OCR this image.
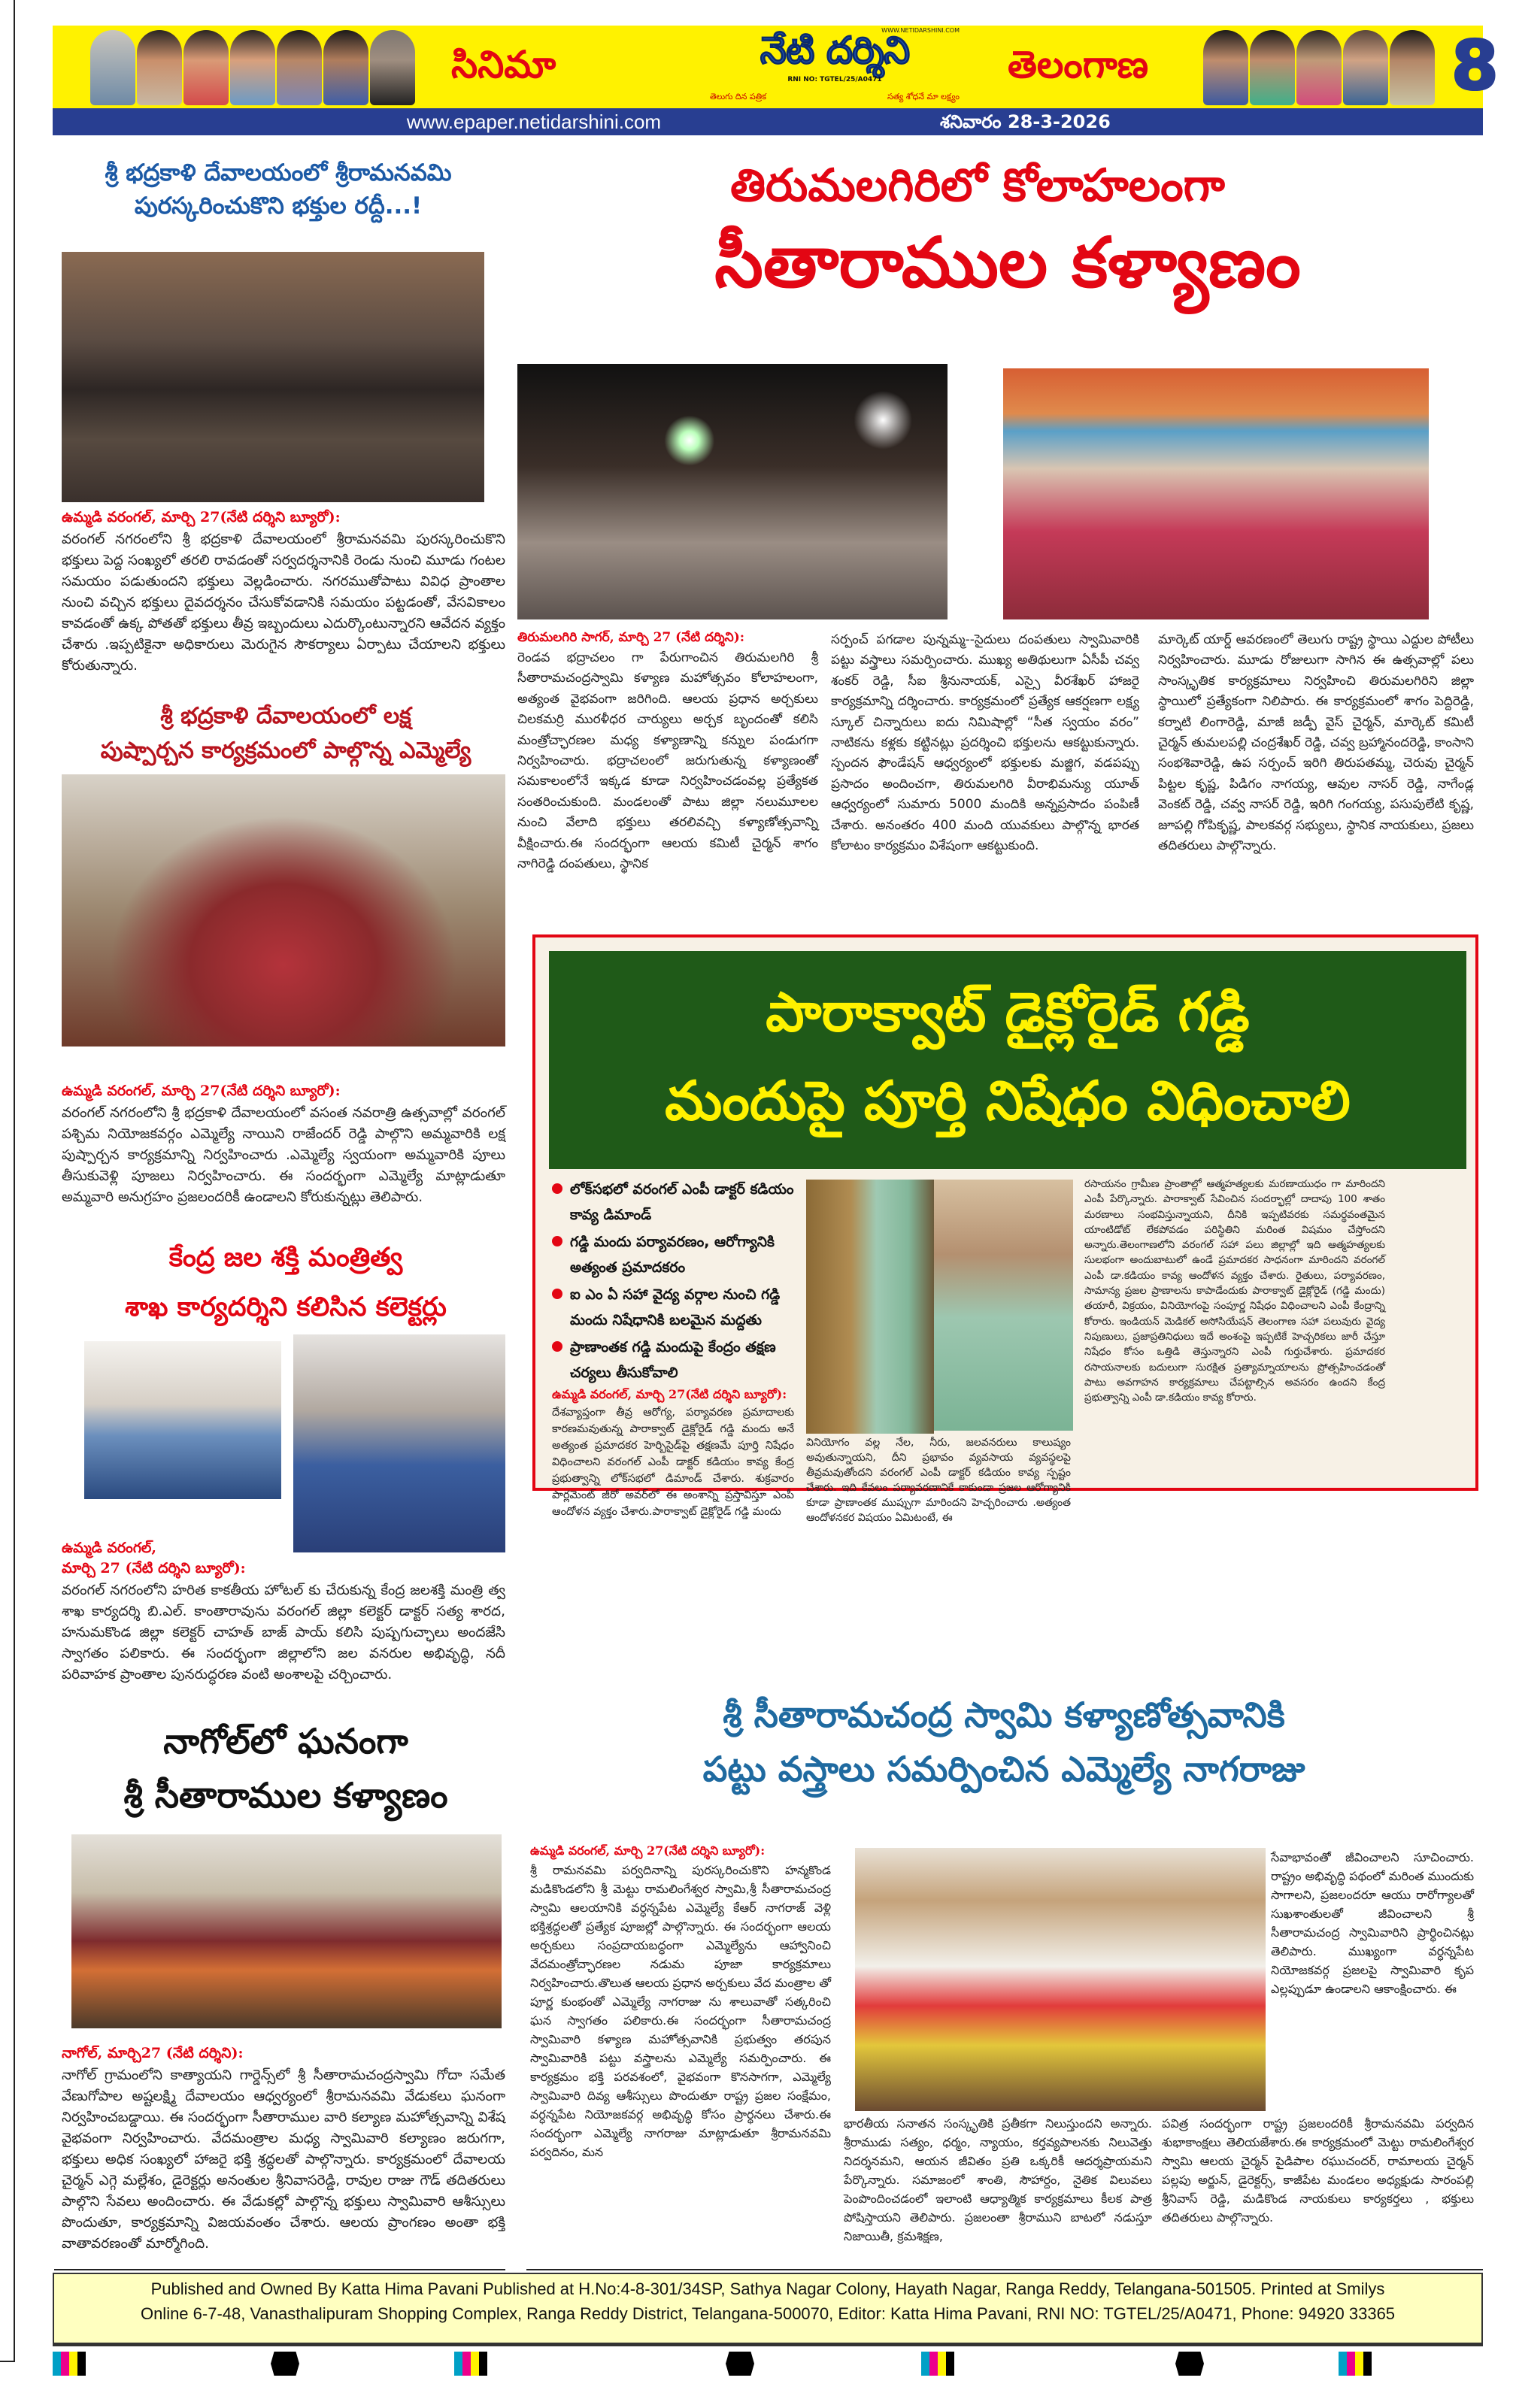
సినిమా	నేటి దర్శిని
WWW.NETIDARSHINI.COM
RNI NO: TGTEL/25/A0471
తెలుగు దిన పత్రిక	సత్య శోధనే మా లక్ష్యం
తెలంగాణ	8
www.epaper.netidarshini.com	శనివారం 28-3-2026
శ్రీ భద్రకాళి దేవాలయంలో శ్రీరామనవమి
పురస్కరించుకొని భక్తుల రద్దీ...!
ఉమ్మడి వరంగల్, మార్చి 27(నేటి దర్శిని బ్యూరో):
వరంగల్ నగరంలోని శ్రీ భద్రకాళి దేవాలయంలో శ్రీరామనవమి పురస్కరించుకొని భక్తులు పెద్ద సంఖ్యలో తరలి రావడంతో సర్వదర్శనానికి రెండు నుంచి మూడు గంటల సమయం పడుతుందని భక్తులు వెల్లడించారు. నగరముతోపాటు వివిధ ప్రాంతాల నుంచి వచ్చిన భక్తులు దైవదర్శనం చేసుకోవడానికి సమయం పట్టడంతో, వేసవికాలం కావడంతో ఉక్క పోతతో భక్తులు తీవ్ర ఇబ్బందులు ఎదుర్కొంటున్నారని ఆవేదన వ్యక్తం చేశారు .ఇప్పటికైనా అధికారులు మెరుగైన సౌకర్యాలు ఏర్పాటు చేయాలని భక్తులు కోరుతున్నారు.
శ్రీ భద్రకాళి దేవాలయంలో లక్ష
పుష్పార్చన కార్యక్రమంలో పాల్గొన్న ఎమ్మెల్యే
ఉమ్మడి వరంగల్, మార్చి 27(నేటి దర్శిని బ్యూరో):
వరంగల్ నగరంలోని శ్రీ భద్రకాళి దేవాలయంలో వసంత నవరాత్రి ఉత్సవాల్లో వరంగల్ పశ్చిమ నియోజకవర్గం ఎమ్మెల్యే నాయిని రాజేందర్ రెడ్డి పాల్గొని అమ్మవారికి లక్ష పుష్పార్చన కార్యక్రమాన్ని నిర్వహించారు .ఎమ్మెల్యే స్వయంగా అమ్మవారికి పూలు తీసుకువెళ్లి పూజలు నిర్వహించారు. ఈ సందర్భంగా ఎమ్మెల్యే మాట్లాడుతూ అమ్మవారి అనుగ్రహం ప్రజలందరికీ ఉండాలని కోరుకున్నట్లు తెలిపారు.
కేంద్ర జల శక్తి మంత్రిత్వ
శాఖ కార్యదర్శిని కలిసిన కలెక్టర్లు
ఉమ్మడి వరంగల్,
మార్చి 27 (నేటి దర్శిని బ్యూరో):
వరంగల్ నగరంలోని హరిత కాకతీయ హోటల్ కు చేరుకున్న కేంద్ర జలశక్తి మంత్రి త్వ శాఖ కార్యదర్శి బి.ఎల్. కాంతారావును వరంగల్ జిల్లా కలెక్టర్ డాక్టర్ సత్య శారద, హనుమకొండ జిల్లా కలెక్టర్ చాహత్ బాజ్ పాయ్ కలిసి పుష్పగుచ్ఛాలు అందజేసి స్వాగతం పలికారు. ఈ సందర్భంగా జిల్లాలోని జల వనరుల అభివృద్ధి, నదీ పరివాహక ప్రాంతాల పునరుద్ధరణ వంటి అంశాలపై చర్చించారు.
నాగోల్‌లో ఘనంగా
శ్రీ సీతారాముల కళ్యాణం
నాగోల్, మార్చి27 (నేటి దర్శిని):
నాగోల్ గ్రామంలోని కాత్యాయని గార్డెన్స్‌లో శ్రీ సీతారామచంద్రస్వామి గోదా సమేత వేణుగోపాల అష్టలక్ష్మి దేవాలయం ఆధ్వర్యంలో శ్రీరామనవమి వేడుకలు ఘనంగా నిర్వహించబడ్డాయి. ఈ సందర్భంగా సీతారాముల వారి కల్యాణ మహోత్సవాన్ని విశేష వైభవంగా నిర్వహించారు. వేదమంత్రాల మధ్య స్వామివారి కల్యాణం జరుగగా, భక్తులు అధిక సంఖ్యలో హాజరై భక్తి శ్రద్ధలతో పాల్గొన్నారు. కార్యక్రమంలో దేవాలయ చైర్మన్ ఎగ్గె మల్లేశం, డైరెక్టర్లు అనంతుల శ్రీనివాసరెడ్డి, రావుల రాజు గౌడ్ తదితరులు పాల్గొని సేవలు అందించారు. ఈ వేడుకల్లో పాల్గొన్న భక్తులు స్వామివారి ఆశీస్సులు పొందుతూ, కార్యక్రమాన్ని విజయవంతం చేశారు. ఆలయ ప్రాంగణం అంతా భక్తి వాతావరణంతో మార్మోగింది.
తిరుమలగిరిలో కోలాహలంగా
సీతారాముల కళ్యాణం
తిరుమలగిరి సాగర్, మార్చి 27 (నేటి దర్శిని):
రెండవ భద్రాచలం గా పేరుగాంచిన తిరుమలగిరి శ్రీ సీతారామచంద్రస్వామి కళ్యాణ మహోత్సవం కోలాహలంగా, అత్యంత వైభవంగా జరిగింది. ఆలయ ప్రధాన అర్చకులు చిలకమర్రి మురళీధర చార్యులు అర్చక బృందంతో కలిసి మంత్రోచ్ఛారణల మధ్య కళ్యాణాన్ని కన్నుల పండుగగా నిర్వహించారు. భద్రాచలంలో జరుగుతున్న కళ్యాణంతో సమకాలంలోనే ఇక్కడ కూడా నిర్వహించడంవల్ల ప్రత్యేకత సంతరించుకుంది. మండలంతో పాటు జిల్లా నలుమూలల నుంచి వేలాది భక్తులు తరలివచ్చి కళ్యాణోత్సవాన్ని వీక్షించారు.ఈ సందర్భంగా ఆలయ కమిటీ చైర్మన్ శాగం నాగిరెడ్డి దంపతులు, స్థానిక
సర్పంచ్ పగడాల పున్నమ్మ--సైదులు దంపతులు స్వామివారికి పట్టు వస్త్రాలు సమర్పించారు. ముఖ్య అతిథులుగా ఏసీపీ చవ్వ శంకర్ రెడ్డి, సీఐ శ్రీనునాయక్, ఎస్సై వీరశేఖర్ హాజరై కార్యక్రమాన్ని దర్శించారు. కార్యక్రమంలో ప్రత్యేక ఆకర్షణగా లక్ష్య స్కూల్ చిన్నారులు ఐదు నిమిషాల్లో “సీత స్వయం వరం” నాటికను కళ్లకు కట్టినట్లు ప్రదర్శించి భక్తులను ఆకట్టుకున్నారు. స్పందన ఫౌండేషన్ ఆధ్వర్యంలో భక్తులకు మజ్జిగ, వడపప్పు ప్రసాదం అందించగా, తిరుమలగిరి వీరాభిమన్యు యూత్ ఆధ్వర్యంలో సుమారు 5000 మందికి అన్నప్రసాదం పంపిణీ చేశారు. అనంతరం 400 మంది యువకులు పాల్గొన్న భారత కోలాటం కార్యక్రమం విశేషంగా ఆకట్టుకుంది.
మార్కెట్ యార్డ్ ఆవరణంలో తెలుగు రాష్ట్ర స్థాయి ఎద్దుల పోటీలు నిర్వహించారు. మూడు రోజులుగా సాగిన ఈ ఉత్సవాల్లో పలు సాంస్కృతిక కార్యక్రమాలు నిర్వహించి తిరుమలగిరిని జిల్లా స్థాయిలో ప్రత్యేకంగా నిలిపారు. ఈ కార్యక్రమంలో శాగం పెద్దిరెడ్డి, కర్నాటి లింగారెడ్డి, మాజీ జడ్పీ వైస్ చైర్మన్, మార్కెట్ కమిటీ చైర్మన్ తుమలపల్లి చంద్రశేఖర్ రెడ్డి, చవ్వ బ్రహ్మానందరెడ్డి, కాంసాని సంభశివారెడ్డి, ఉప సర్పంచ్ ఇరిగి తిరుపతమ్మ, చెరువు చైర్మన్ పిట్టల కృష్ణ, పిడిగం నాగయ్య, ఆవుల నాసర్ రెడ్డి, నాగేండ్ల వెంకట్ రెడ్డి, చవ్వ నాసర్ రెడ్డి, ఇరిగి గంగయ్య, పసుపులేటి కృష్ణ, జూపల్లి గోపికృష్ణ, పాలకవర్గ సభ్యులు, స్థానిక నాయకులు, ప్రజలు తదితరులు పాల్గొన్నారు.
పారాక్వాట్ డైక్లోరైడ్ గడ్డి
మందుపై పూర్తి నిషేధం విధించాలి
లోక్‌సభలో వరంగల్ ఎంపీ డాక్టర్ కడియం కావ్య డిమాండ్
గడ్డి మందు పర్యావరణం, ఆరోగ్యానికి అత్యంత ప్రమాదకరం
ఐ ఎం ఏ సహా వైద్య వర్గాల నుంచి గడ్డి మందు నిషేధానికి బలమైన మద్దతు
ప్రాణాంతక గడ్డి మందుపై కేంద్రం తక్షణ చర్యలు తీసుకోవాలి
ఉమ్మడి వరంగల్, మార్చి 27(నేటి దర్శిని బ్యూరో):
దేశవ్యాప్తంగా తీవ్ర ఆరోగ్య, పర్యావరణ ప్రమాదాలకు కారణమవుతున్న పారాక్వాట్ డైక్లోరైడ్ గడ్డి మందు అనే అత్యంత ప్రమాదకర హెర్బిసైడ్‌పై తక్షణమే పూర్తి నిషేధం విధించాలని వరంగల్ ఎంపీ డాక్టర్ కడియం కావ్య కేంద్ర ప్రభుత్వాన్ని లోక్‌సభలో డిమాండ్ చేశారు. శుక్రవారం పార్లమెంట్ జీరో అవర్‌లో ఈ అంశాన్ని ప్రస్తావిస్తూ ఎంపీ ఆందోళన వ్యక్తం చేశారు.పారాక్వాట్ డైక్లోరైడ్ గడ్డి మందు
వినియోగం వల్ల నేల, నీరు, జలవనరులు కాలుష్యం అవుతున్నాయని, దీని ప్రభావం వ్యవసాయ వ్యవస్థలపై తీవ్రమవుతోందని వరంగల్ ఎంపీ డాక్టర్ కడియం కావ్య స్పష్టం చేశారు. ఇది కేవలం పర్యావరణానికే కాకుండా ప్రజల ఆరోగ్యానికి కూడా ప్రాణాంతక ముప్పుగా మారిందని హెచ్చరించారు .అత్యంత ఆందోళనకర విషయం ఏమిటంటే, ఈ
రసాయనం గ్రామీణ ప్రాంతాల్లో ఆత్మహత్యలకు మరణాయుధం గా మారిందని ఎంపీ పేర్కొన్నారు. పారాక్వాట్ సేవించిన సందర్భాల్లో దాదాపు 100 శాతం మరణాలు సంభవిస్తున్నాయని, దీనికి ఇప్పటివరకు సమర్థవంతమైన యాంటిడోట్ లేకపోవడం పరిస్థితిని మరింత విషమం చేస్తోందని అన్నారు.తెలంగాణలోని వరంగల్ సహా పలు జిల్లాల్లో ఇది ఆత్మహత్యలకు సులభంగా అందుబాటులో ఉండే ప్రమాదకర సాధనంగా మారిందని వరంగల్ ఎంపీ డా.కడియం కావ్య ఆందోళన వ్యక్తం చేశారు. రైతులు, పర్యావరణం, సామాన్య ప్రజల ప్రాణాలను కాపాడేందుకు పారాక్వాట్ డైక్లోరైడ్ (గడ్డి మందు) తయారీ, విక్రయం, వినియోగంపై సంపూర్ణ నిషేధం విధించాలని ఎంపీ కేంద్రాన్ని కోరారు. ఇండియన్ మెడికల్ అసోసియేషన్ తెలంగాణ సహా పలువురు వైద్య నిపుణులు, ప్రజాప్రతినిధులు ఇదే అంశంపై ఇప్పటికే హెచ్చరికలు జారీ చేస్తూ నిషేధం కోసం ఒత్తిడి తెస్తున్నారని ఎంపీ గుర్తుచేశారు. ప్రమాదకర రసాయనాలకు బదులుగా సురక్షిత ప్రత్యామ్నాయాలను ప్రోత్సహించడంతో పాటు అవగాహన కార్యక్రమాలు చేపట్టాల్సిన అవసరం ఉందని కేంద్ర ప్రభుత్వాన్ని ఎంపీ డా.కడియం కావ్య కోరారు.
శ్రీ సీతారామచంద్ర స్వామి కళ్యాణోత్సవానికి
పట్టు వస్త్రాలు సమర్పించిన ఎమ్మెల్యే నాగరాజు
ఉమ్మడి వరంగల్, మార్చి 27(నేటి దర్శిని బ్యూరో):
శ్రీ రామనవమి పర్వదినాన్ని పురస్కరించుకొని హన్మకొండ మడికొండలోని శ్రీ మెట్టు రామలింగేశ్వర స్వామి,శ్రీ సీతారామచంద్ర స్వామి ఆలయానికి వర్ధన్నపేట ఎమ్మెల్యే కేఆర్ నాగరాజ్ వెళ్లి భక్తిశ్రద్ధలతో ప్రత్యేక పూజల్లో పాల్గొన్నారు. ఈ సందర్భంగా ఆలయ అర్చకులు సంప్రదాయబద్ధంగా ఎమ్మెల్యేను ఆహ్వానించి వేదమంత్రోచ్ఛారణల నడుమ పూజా కార్యక్రమాలు నిర్వహించారు.తొలుత ఆలయ ప్రధాన అర్చకులు వేద మంత్రాల తో పూర్ణ కుంభంతో ఎమ్మెల్యే నాగరాజు ను శాలువాతో సత్కరించి ఘన స్వాగతం పలికారు.ఈ సందర్భంగా సీతారామచంద్ర స్వామివారి కళ్యాణ మహోత్సవానికి ప్రభుత్వం తరపున స్వామివారికి పట్టు వస్త్రాలను ఎమ్మెల్యే సమర్పించారు. ఈ కార్యక్రమం భక్తి పరవశంలో, వైభవంగా కొనసాగగా, ఎమ్మెల్యే స్వామివారి దివ్య ఆశీస్సులు పొందుతూ రాష్ట్ర ప్రజల సంక్షేమం, వర్ధన్నపేట నియోజకవర్గ అభివృద్ధి కోసం ప్రార్థనలు చేశారు.ఈ సందర్భంగా ఎమ్మెల్యే నాగరాజు మాట్లాడుతూ శ్రీరామనవమి పర్వదినం, మన
భారతీయ సనాతన సంస్కృతికి ప్రతీకగా నిలుస్తుందని అన్నారు. శ్రీరాముడు సత్యం, ధర్మం, న్యాయం, కర్తవ్యపాలనకు నిలువెత్తు నిదర్శనమని, ఆయన జీవితం ప్రతి ఒక్కరికీ ఆదర్శప్రాయమని పేర్కొన్నారు. సమాజంలో శాంతి, సౌహార్దం, నైతిక విలువలు పెంపొందించడంలో ఇలాంటి ఆధ్యాత్మిక కార్యక్రమాలు కీలక పాత్ర పోషిస్తాయని తెలిపారు. ప్రజలంతా శ్రీరాముని బాటలో నడుస్తూ నిజాయితీ, క్రమశిక్షణ,
సేవాభావంతో జీవించాలని సూచించారు. రాష్ట్రం అభివృద్ధి పథంలో మరింత ముందుకు సాగాలని, ప్రజలందరూ ఆయు రారోగ్యాలతో సుఖశాంతులతో జీవించాలని శ్రీ సీతారామచంద్ర స్వామివారిని ప్రార్థించినట్లు తెలిపారు. ముఖ్యంగా వర్ధన్నపేట నియోజకవర్గ ప్రజలపై స్వామివారి కృప ఎల్లప్పుడూ ఉండాలని ఆకాంక్షించారు. ఈ
పవిత్ర సందర్భంగా రాష్ట్ర ప్రజలందరికీ శ్రీరామనవమి పర్వదిన శుభాకాంక్షలు తెలియజేశారు.ఈ కార్యక్రమంలో మెట్టు రామలింగేశ్వర స్వామి ఆలయ చైర్మన్ పైడిపాల రఘుచందర్, రామాలయ చైర్మన్ పల్లపు అర్జున్, డైరెక్టర్స్, కాజీపేట మండలం అధ్యక్షుడు సారంపల్లి శ్రీనివాస్ రెడ్డి, మడికొండ నాయకులు కార్యకర్తలు , భక్తులు తదితరులు పాల్గొన్నారు.
Published and Owned By Katta Hima Pavani Published at H.No:4-8-301/34SP, Sathya Nagar Colony, Hayath Nagar, Ranga Reddy, Telangana-501505. Printed at Smilys
Online 6-7-48, Vanasthalipuram Shopping Complex, Ranga Reddy District, Telangana-500070, Editor: Katta Hima Pavani, RNI NO: TGTEL/25/A0471, Phone: 94920 33365
